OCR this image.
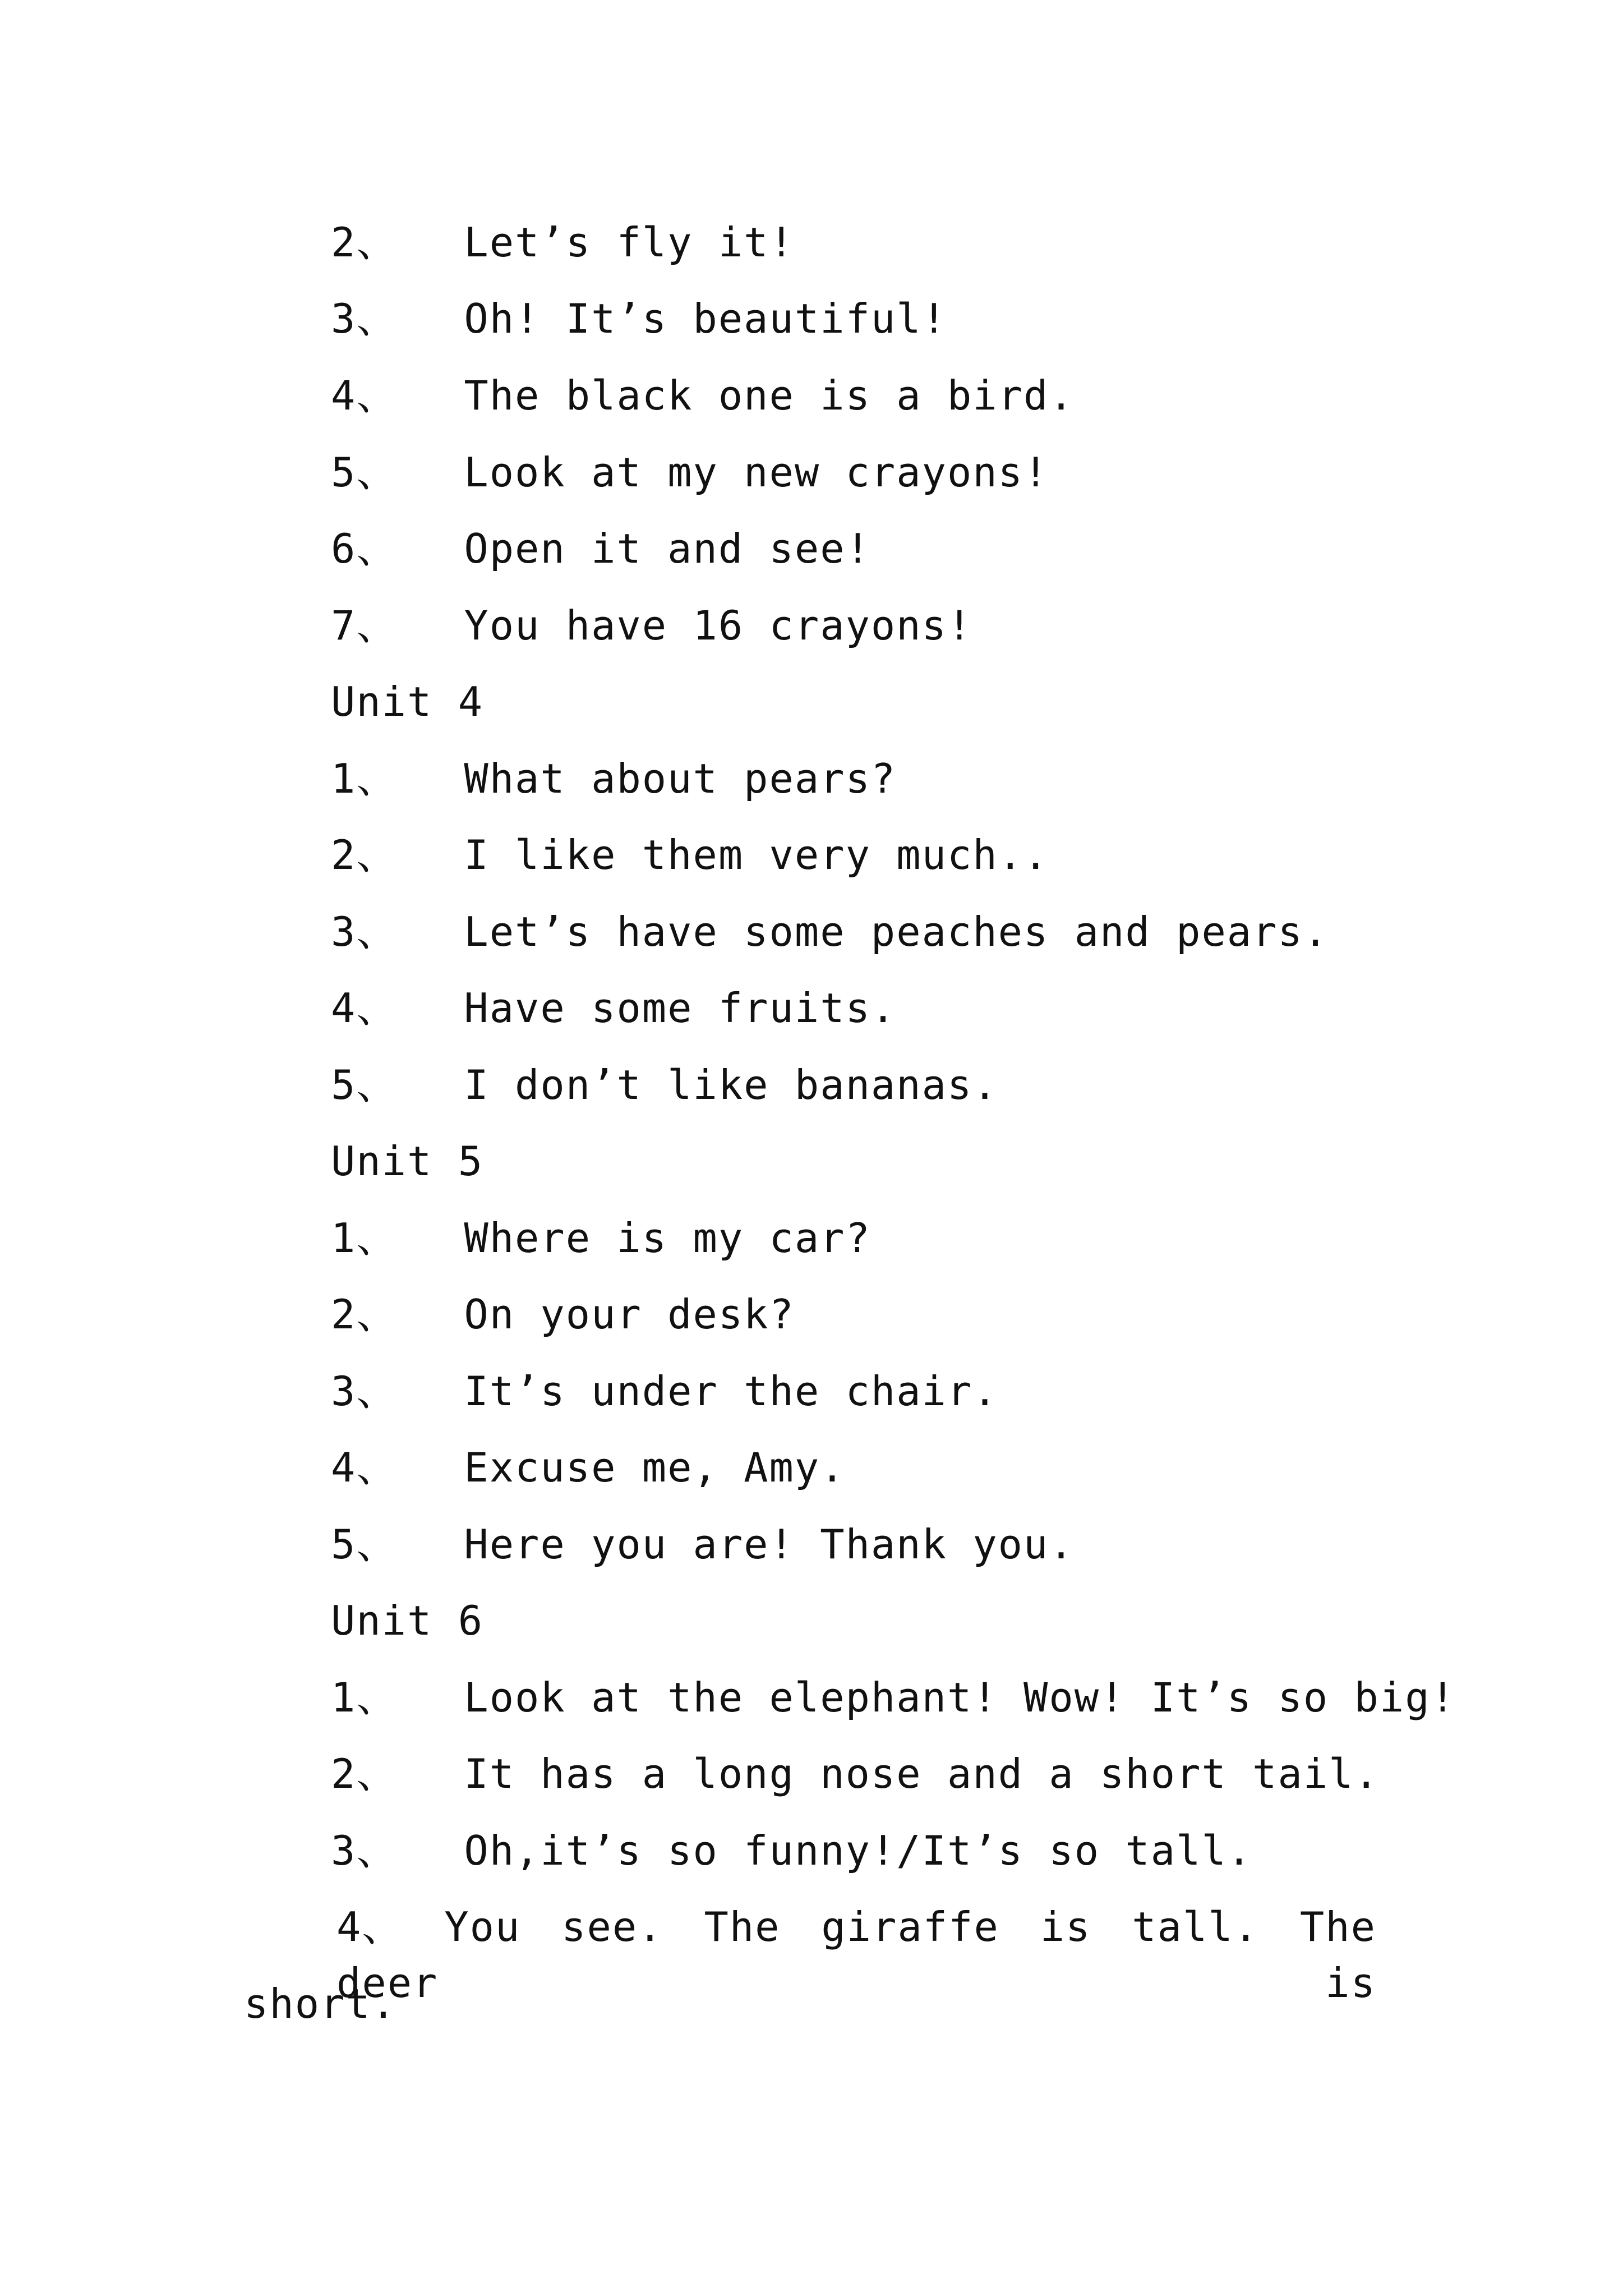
2、 Let’s fly it!
3、 Oh! It’s beautiful!
4、 The black one is a bird.
5、 Look at my new crayons!
6、 Open it and see!
7、 You have 16 crayons!
Unit 4
1、 What about pears?
2、 I like them very much..
3、 Let’s have some peaches and pears.
4、 Have some fruits.
5、 I don’t like bananas.
Unit 5
1、 Where is my car?
2、 On your desk?
3、 It’s under the chair.
4、 Excuse me, Amy.
5、 Here you are! Thank you.
Unit 6
1、 Look at the elephant! Wow! It’s so big!
2、 It has a long nose and a short tail.
3、 Oh,it’s so funny!/It’s so tall.
4、 You see. The giraffe is tall. The deer is
short.
